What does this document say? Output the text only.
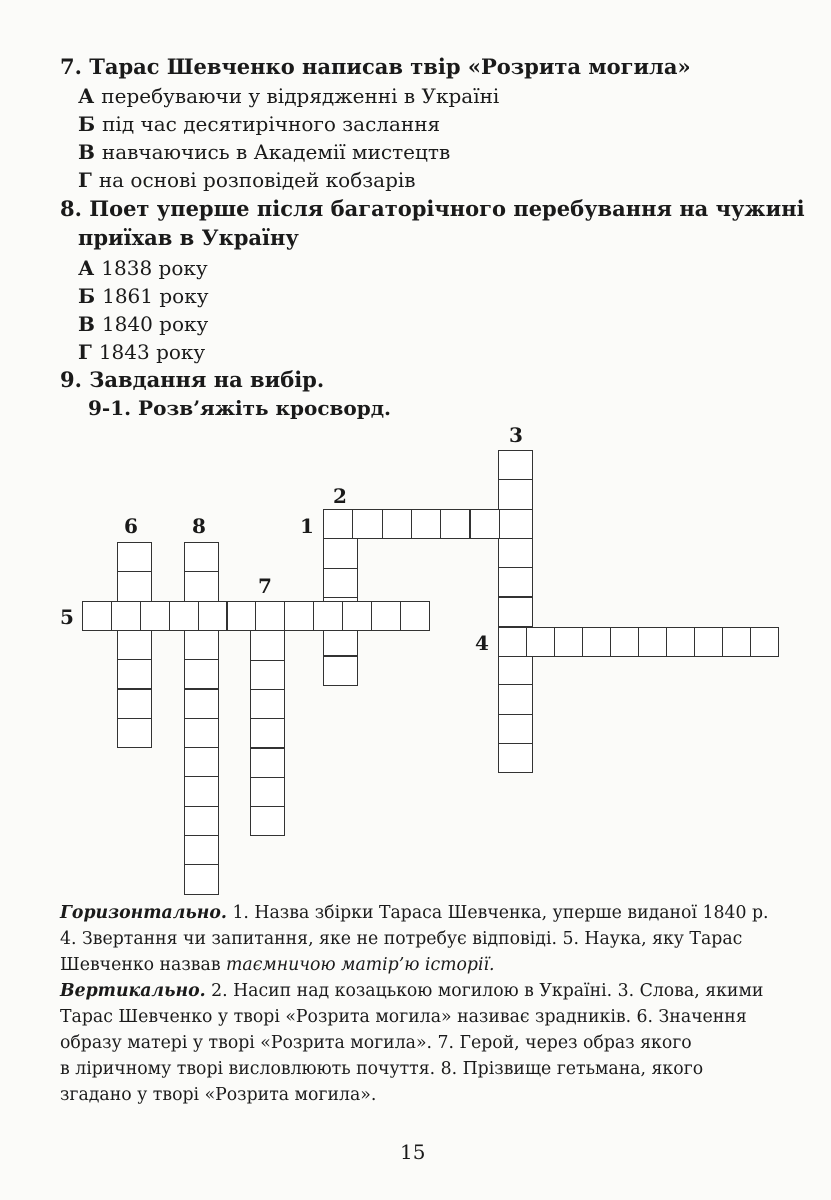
7. Тарас Шевченко написав твір «Розрита могила»
А перебуваючи у відрядженні в Україні
Б під час десятирічного заслання
В навчаючись в Академії мистецтв
Г на основі розповідей кобзарів
8. Поет уперше після багаторічного перебування на чужині
приїхав в Україну
А 1838 року
Б 1861 року
В 1840 року
Г 1843 року
9. Завдання на вибір.
9-1. Розв’яжіть кросворд.
3
2
1
6	8
7
5
4
Горизонтально. 1. Назва збірки Тараса Шевченка, уперше виданої 1840 р.
4. Звертання чи запитання, яке не потребує відповіді. 5. Наука, яку Тарас
Шевченко назвав таємничою матір’ю історії.
Вертикально. 2. Насип над козацькою могилою в Україні. 3. Слова, якими
Тарас Шевченко у творі «Розрита могила» називає зрадників. 6. Значення
образу матері у творі «Розрита могила». 7. Герой, через образ якого
в ліричному творі висловлюють почуття. 8. Прізвище гетьмана, якого
згадано у творі «Розрита могила».
15
